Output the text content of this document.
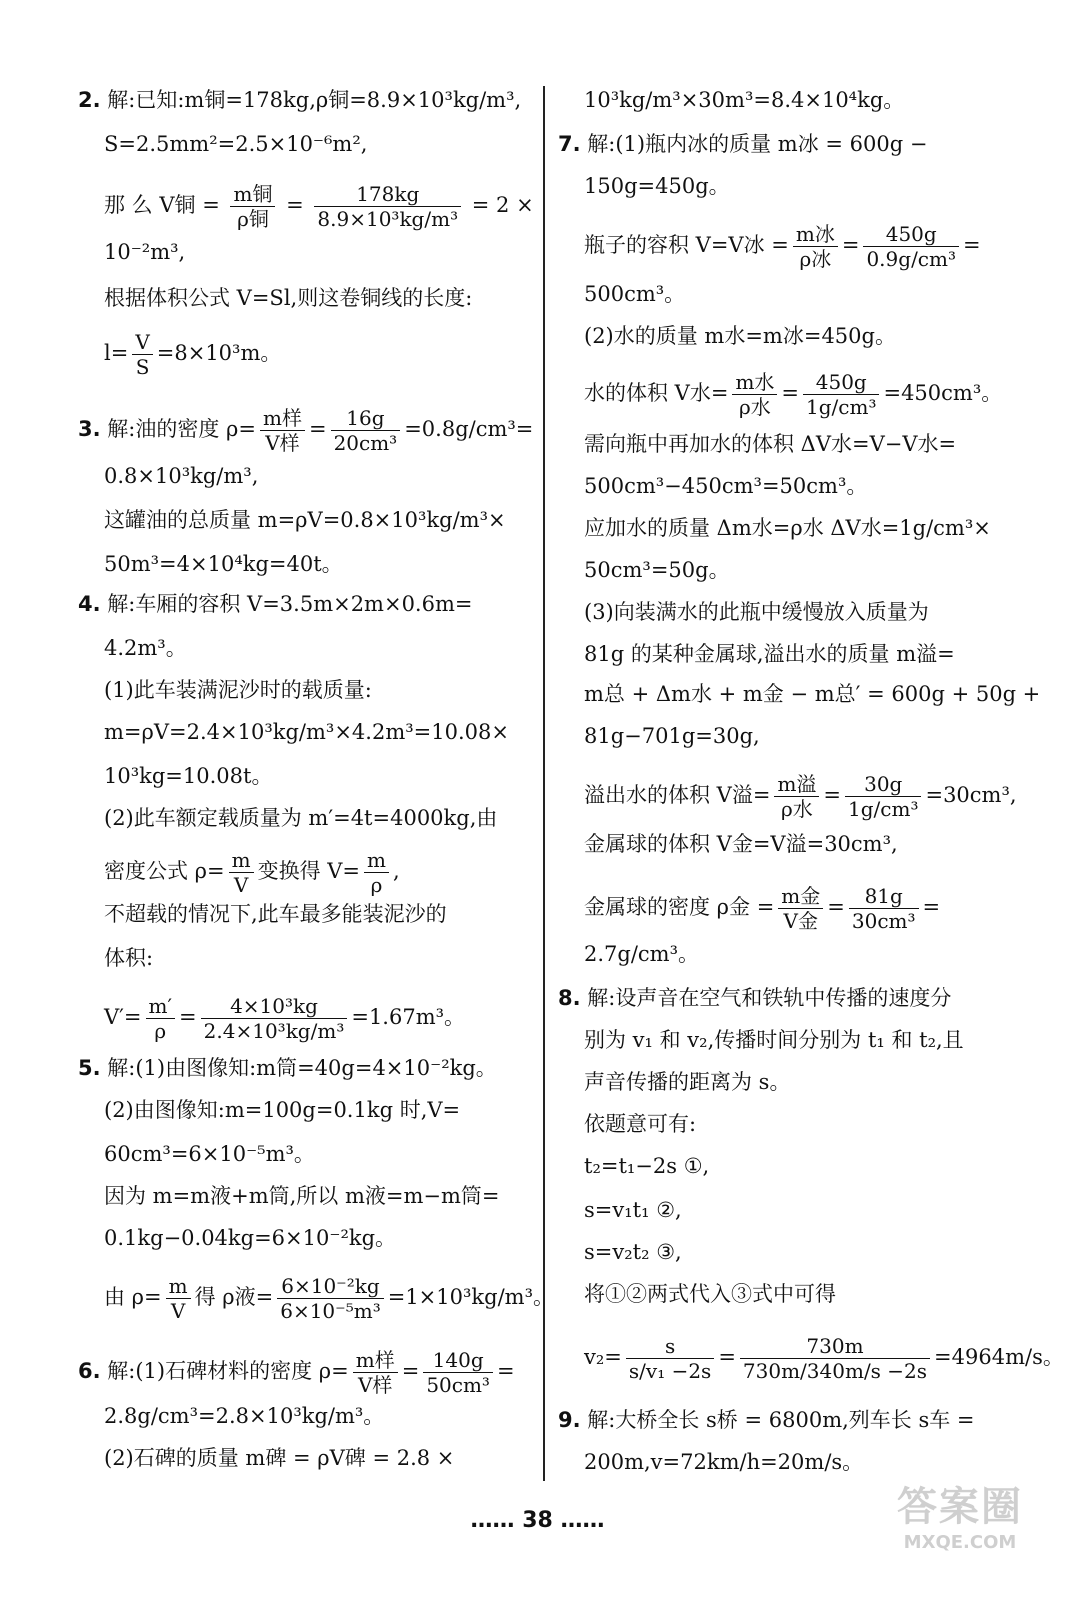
2. 解:已知:m铜=178kg,ρ铜=8.9×10³kg/m³,
S=2.5mm²=2.5×10⁻⁶m²,
那 么 V铜 = $\frac{\text{m铜}}{\text{ρ铜}} = \frac{178kg}{\text{8.9×10³kg/m³}} = 2$ ×
10⁻²m³,
根据体积公式 V=Sl,则这卷铜线的长度:
$l= \frac{V}{S} =8\times 10^3m$。
3. 解:油的密度 $\rho= \frac{\text{m样}}{\text{V样}} = \frac{16g}{\text{20cm³}} =0.8g/cm^3=$
0.8×10³kg/m³,
这罐油的总质量 m=ρV=0.8×10³kg/m³×
50m³=4×10⁴kg=40t。
4. 解:车厢的容积 V=3.5m×2m×0.6m=
4.2m³。
(1)此车装满泥沙时的载质量:
m=ρV=2.4×10³kg/m³×4.2m³=10.08×
10³kg=10.08t。
(2)此车额定载质量为 m′=4t=4000kg,由
密度公式 $\rho= \frac{m}{V}$ 变换得 $V= \frac{m}{\rho}$ ,
不超载的情况下,此车最多能装泥沙的
体积:
$V'= \frac{m'}{\rho} = \frac{\text{4×10³kg}}{\text{2.4×10³kg/m³}} =1.67m^3$。
5. 解:(1)由图像知:m筒=40g=4×10⁻²kg。
(2)由图像知:m=100g=0.1kg 时,V=
60cm³=6×10⁻⁵m³。
因为 m=m液+m筒,所以 m液=m−m筒=
0.1kg−0.04kg=6×10⁻²kg。
由 $\rho= \frac{m}{V}$ 得 ρ液= $\frac{\text{6×10⁻²kg}}{\text{6×10⁻⁵m³}} =1\times 10^3kg/m^3$。
6. 解:(1)石碑材料的密度 $\rho= \frac{\text{m样}}{\text{V样}} = \frac{140g}{\text{50cm³}}$ =
2.8g/cm³=2.8×10³kg/m³。
(2)石碑的质量 m碑 = ρV碑 = 2.8 ×
10³kg/m³×30m³=8.4×10⁴kg。
7. 解:(1)瓶内冰的质量 m冰 = 600g −
150g=450g。
瓶子的容积 V=V冰 = $\frac{\text{m冰}}{\text{ρ冰}} = \frac{450g}{\text{0.9g/cm³}}$ =
500cm³。
(2)水的质量 m水=m冰=450g。
水的体积 V水= $\frac{\text{m水}}{\text{ρ水}} = \frac{450g}{\text{1g/cm³}} =450cm^3$。
需向瓶中再加水的体积 ΔV水=V−V水=
500cm³−450cm³=50cm³。
应加水的质量 Δm水=ρ水 ΔV水=1g/cm³×
50cm³=50g。
(3)向装满水的此瓶中缓慢放入质量为
81g 的某种金属球,溢出水的质量 m溢=
m总 + Δm水 + m金 − m总′ = 600g + 50g +
81g−701g=30g,
溢出水的体积 V溢= $\frac{\text{m溢}}{\text{ρ水}} = \frac{30g}{\text{1g/cm³}} =30cm^3$,
金属球的体积 V金=V溢=30cm³,
金属球的密度 ρ金 = $\frac{\text{m金}}{\text{V金}} = \frac{81g}{\text{30cm³}}$ =
2.7g/cm³。
8. 解:设声音在空气和铁轨中传播的速度分
别为 v₁ 和 v₂,传播时间分别为 t₁ 和 t₂,且
声音传播的距离为 s。
依题意可有:
t₂=t₁−2s ①,
s=v₁t₁ ②,
s=v₂t₂ ③,
将①②两式代入③式中可得
$v_2= \frac{s}{\text{s/v₁ −2s}} = \frac{730m}{730m/340m/s -2s} =4964m/s$。
9. 解:大桥全长 s桥 = 6800m,列车长 s车 =
200m,v=72km/h=20m/s。
…… 38 ……	答案圈
MXQE.COM
